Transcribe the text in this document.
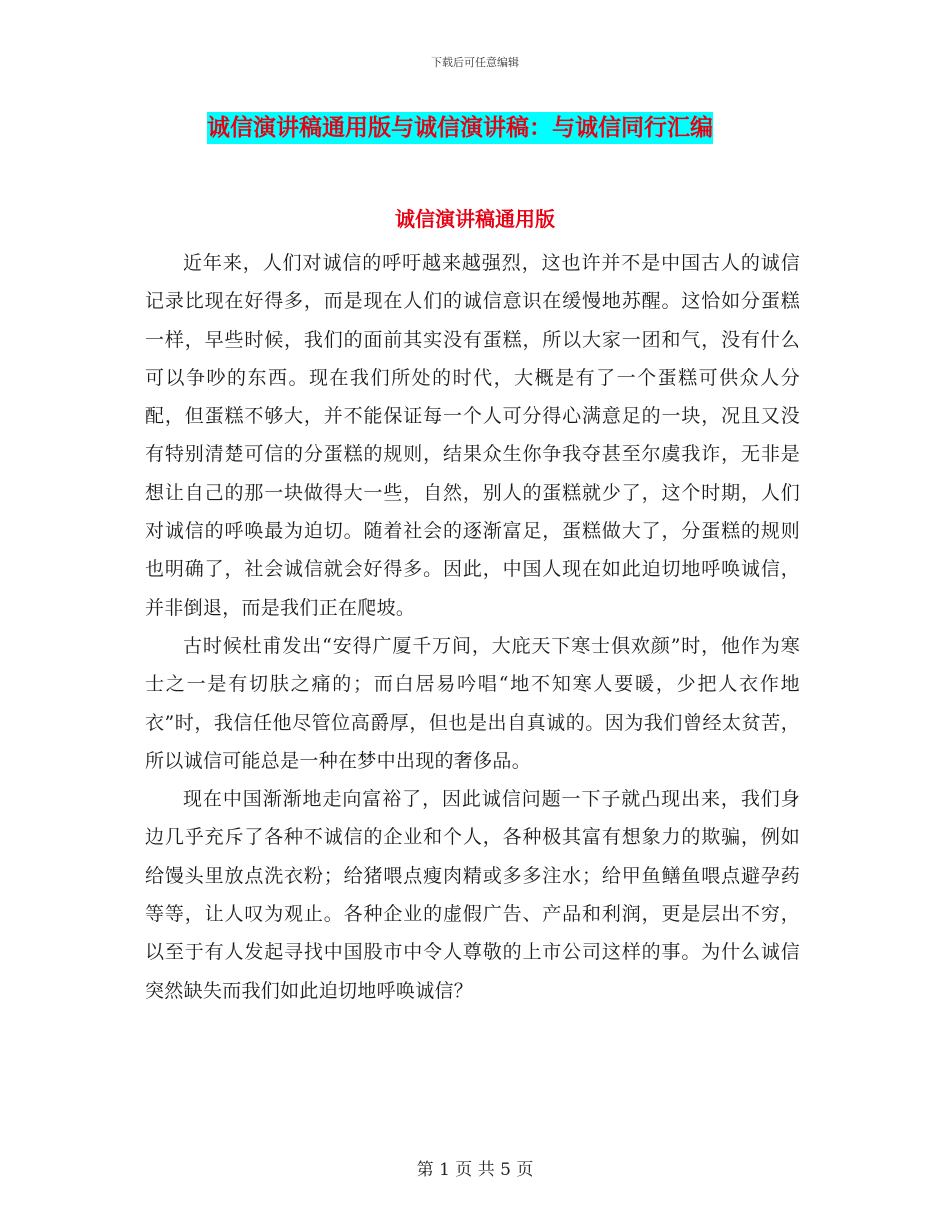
下载后可任意编辑
诚信演讲稿通用版与诚信演讲稿：与诚信同行汇编
诚信演讲稿通用版

近年来，人们对诚信的呼吁越来越强烈，这也许并不是中国古人的诚信记录比现在好得多，而是现在人们的诚信意识在缓慢地苏醒。这恰如分蛋糕一样，早些时候，我们的面前其实没有蛋糕，所以大家一团和气，没有什么可以争吵的东西。现在我们所处的时代，大概是有了一个蛋糕可供众人分配，但蛋糕不够大，并不能保证每一个人可分得心满意足的一块，况且又没有特别清楚可信的分蛋糕的规则，结果众生你争我夺甚至尔虞我诈，无非是想让自己的那一块做得大一些，自然，别人的蛋糕就少了，这个时期，人们对诚信的呼唤最为迫切。随着社会的逐渐富足，蛋糕做大了，分蛋糕的规则也明确了，社会诚信就会好得多。因此，中国人现在如此迫切地呼唤诚信，并非倒退，而是我们正在爬坡。

古时候杜甫发出“安得广厦千万间，大庇天下寒士俱欢颜”时，他作为寒士之一是有切肤之痛的；而白居易吟唱“地不知寒人要暖，少把人衣作地衣”时，我信任他尽管位高爵厚，但也是出自真诚的。因为我们曾经太贫苦，所以诚信可能总是一种在梦中出现的奢侈品。

现在中国渐渐地走向富裕了，因此诚信问题一下子就凸现出来，我们身边几乎充斥了各种不诚信的企业和个人，各种极其富有想象力的欺骗，例如给馒头里放点洗衣粉；给猪喂点瘦肉精或多多注水；给甲鱼鳝鱼喂点避孕药等等，让人叹为观止。各种企业的虚假广告、产品和利润，更是层出不穷，以至于有人发起寻找中国股市中令人尊敬的上市公司这样的事。为什么诚信突然缺失而我们如此迫切地呼唤诚信？

第 1 页 共 5 页
